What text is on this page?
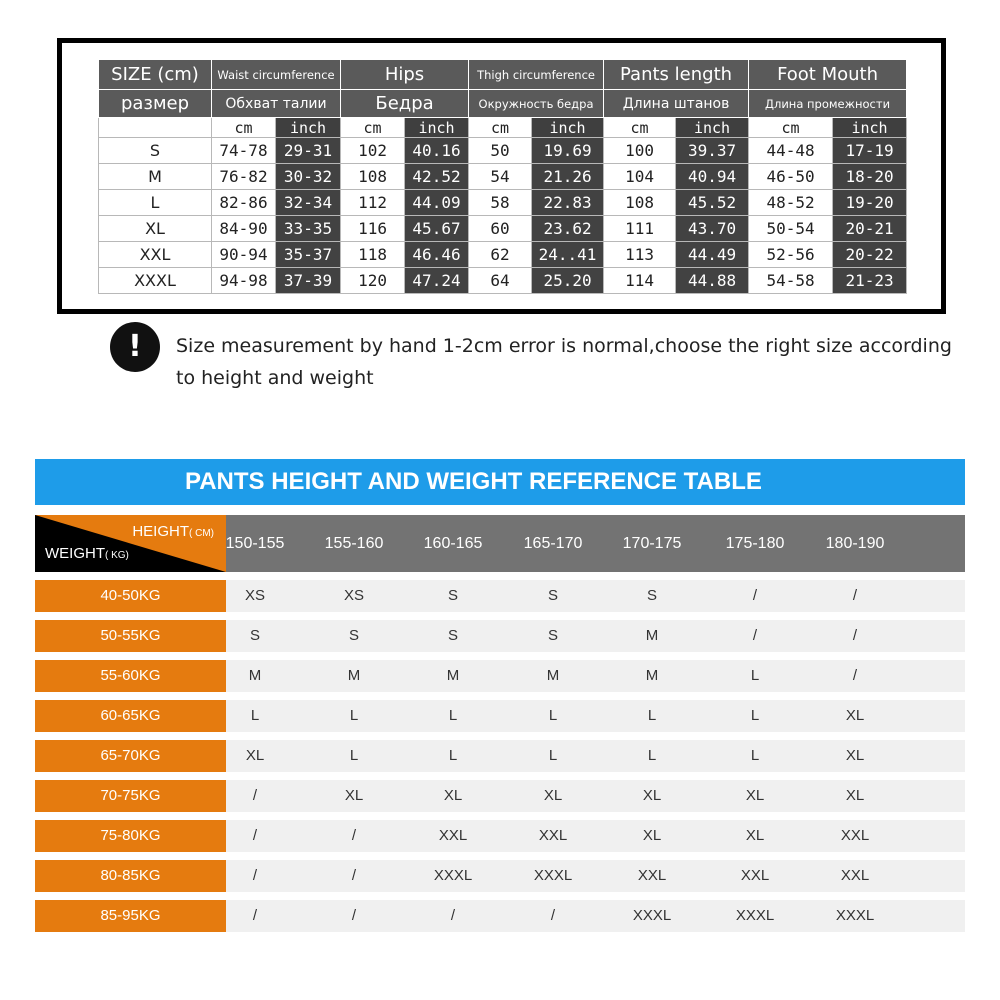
SIZE (cm)	Waist circumference		Hips		Thigh circumference		Pants length		Foot Mouth	
размер	Обхват талии		Бедра		Окружность бедра		Длина штанов		Длина промежности	
	cm	inch	cm	inch	cm	inch	cm	inch	cm	inch
S	74-78	29-31	102	40.16	50	19.69	100	39.37	44-48	17-19
M	76-82	30-32	108	42.52	54	21.26	104	40.94	46-50	18-20
L	82-86	32-34	112	44.09	58	22.83	108	45.52	48-52	19-20
XL	84-90	33-35	116	45.67	60	23.62	111	43.70	50-54	20-21
XXL	90-94	35-37	118	46.46	62	24..41	113	44.49	52-56	20-22
XXXL	94-98	37-39	120	47.24	64	25.20	114	44.88	54-58	21-23
!	Size measurement by hand 1-2cm error is normal,choose the right size according to height and weight
PANTS HEIGHT AND WEIGHT REFERENCE TABLE
HEIGHT( CM)
WEIGHT( KG)
150-155	155-160	160-165	165-170	170-175	175-180	180-190
40-50KG	XS	XS	S	S	S	/	/
50-55KG	S	S	S	S	M	/	/
55-60KG	M	M	M	M	M	L	/
60-65KG	L	L	L	L	L	L	XL
65-70KG	XL	L	L	L	L	L	XL
70-75KG	/	XL	XL	XL	XL	XL	XL
75-80KG	/	/	XXL	XXL	XL	XL	XXL
80-85KG	/	/	XXXL	XXXL	XXL	XXL	XXL
85-95KG	/	/	/	/	XXXL	XXXL	XXXL
